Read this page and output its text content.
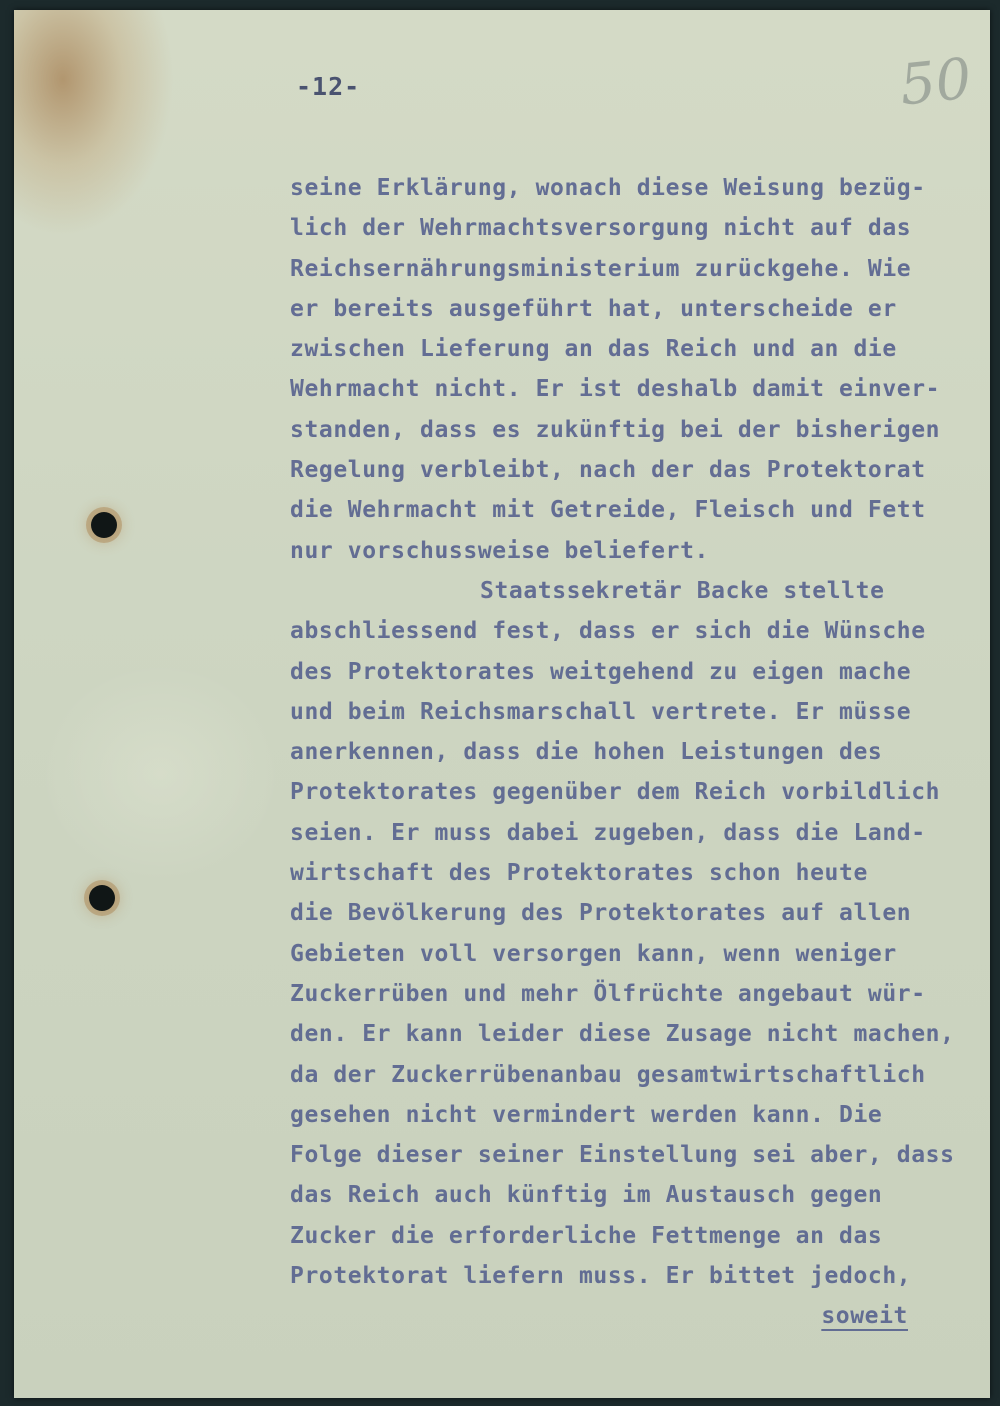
-12-	50
seine Erklärung, wonach diese Weisung bezüg-
lich der Wehrmachtsversorgung nicht auf das
Reichsernährungsministerium zurückgehe. Wie
er bereits ausgeführt hat, unterscheide er
zwischen Lieferung an das Reich und an die
Wehrmacht nicht. Er ist deshalb damit einver-
standen, dass es zukünftig bei der bisherigen
Regelung verbleibt, nach der das Protektorat
die Wehrmacht mit Getreide, Fleisch und Fett
nur vorschussweise beliefert.
Staatssekretär Backe stellte
abschliessend fest, dass er sich die Wünsche
des Protektorates weitgehend zu eigen mache
und beim Reichsmarschall vertrete. Er müsse
anerkennen, dass die hohen Leistungen des
Protektorates gegenüber dem Reich vorbildlich
seien. Er muss dabei zugeben, dass die Land-
wirtschaft des Protektorates schon heute
die Bevölkerung des Protektorates auf allen
Gebieten voll versorgen kann, wenn weniger
Zuckerrüben und mehr Ölfrüchte angebaut wür-
den. Er kann leider diese Zusage nicht machen,
da der Zuckerrübenanbau gesamtwirtschaftlich
gesehen nicht vermindert werden kann. Die
Folge dieser seiner Einstellung sei aber, dass
das Reich auch künftig im Austausch gegen
Zucker die erforderliche Fettmenge an das
Protektorat liefern muss. Er bittet jedoch,
soweit
